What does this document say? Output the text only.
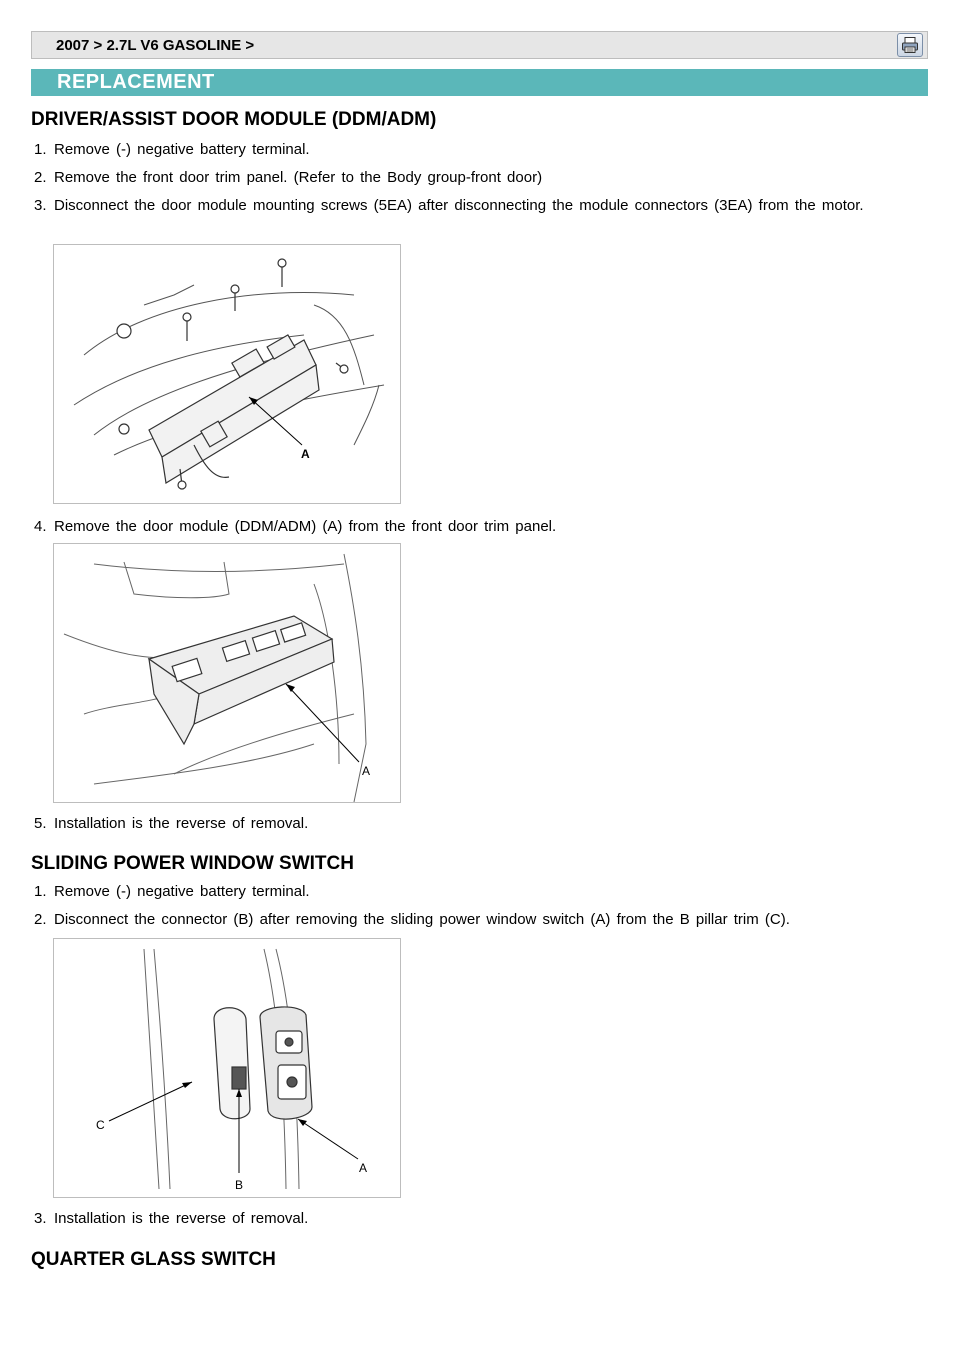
2007 > 2.7L V6 GASOLINE >
REPLACEMENT
DRIVER/ASSIST DOOR MODULE (DDM/ADM)
1. Remove (-) negative battery terminal.
2. Remove the front door trim panel. (Refer to the Body group-front door)
3. Disconnect the door module mounting screws (5EA) after disconnecting the module connectors (3EA) from the motor.
A
4. Remove the door module (DDM/ADM) (A) from the front door trim panel.
A
5. Installation is the reverse of removal.
SLIDING POWER WINDOW SWITCH
1. Remove (-) negative battery terminal.
2. Disconnect the connector (B) after removing the sliding power window switch (A) from the B pillar trim (C).
C
B
A
3. Installation is the reverse of removal.
QUARTER GLASS SWITCH
